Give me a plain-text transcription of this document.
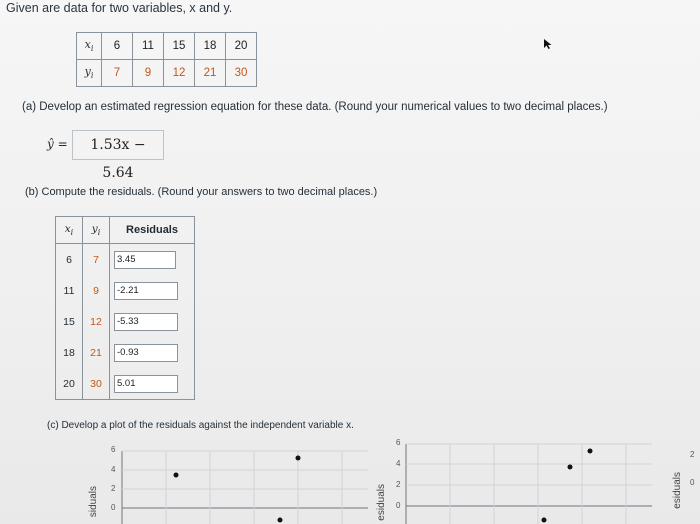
Given are data for two variables, x and y.
$x_i$	6	11	15	18	20
$y_i$	7	9	12	21	30
(a) Develop an estimated regression equation for these data. (Round your numerical values to two decimal places.)
ŷ =	1.53x − 5.64
(b) Compute the residuals. (Round your answers to two decimal places.)
$x_i$	$y_i$	Residuals
6	7	3.45

11	9	-2.21

15	12	-5.33

18	21	-0.93

20	30	5.01
(c) Develop a plot of the residuals against the independent variable x.
6
4
2
0
siduals
6
4
2
0
esiduals	esiduals
2
0
